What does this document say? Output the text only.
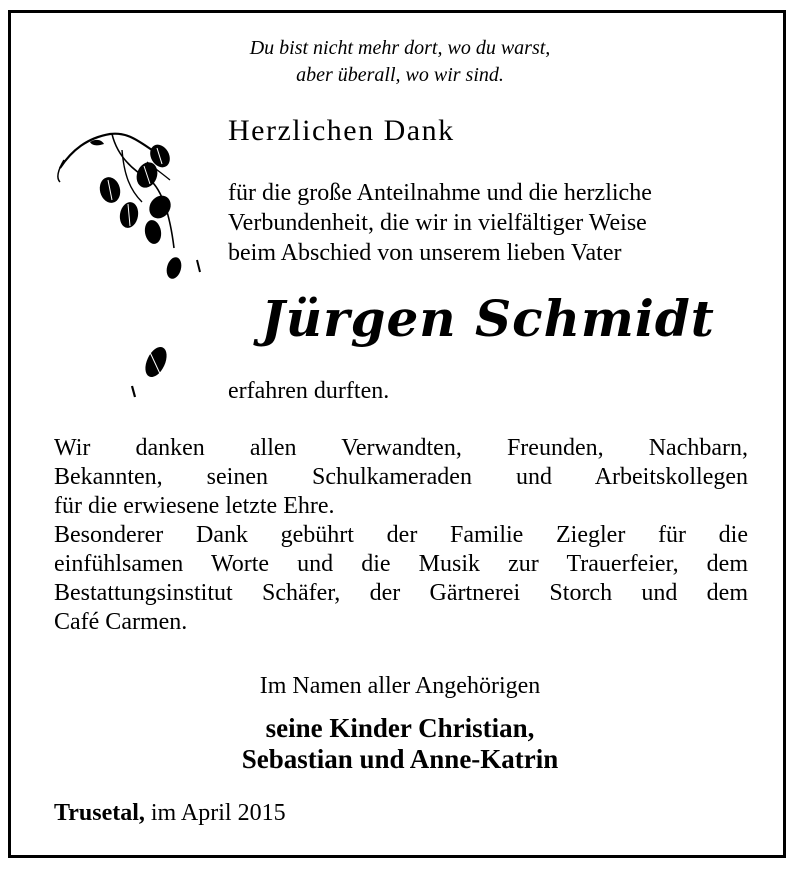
Du bist nicht mehr dort, wo du warst,
aber überall, wo wir sind.
Herzlichen Dank
für die große Anteilnahme und die herzliche
Verbundenheit, die wir in vielfältiger Weise
beim Abschied von unserem lieben Vater
Jürgen Schmidt
erfahren durften.
Wir danken allen Verwandten, Freunden, Nachbarn,
Bekannten, seinen Schulkameraden und Arbeitskollegen
für die erwiesene letzte Ehre.
Besonderer Dank gebührt der Familie Ziegler für die
einfühlsamen Worte und die Musik zur Trauerfeier, dem
Bestattungsinstitut Schäfer, der Gärtnerei Storch und dem
Café Carmen.
Im Namen aller Angehörigen
seine Kinder Christian,
Sebastian und Anne-Katrin
Trusetal, im April 2015
